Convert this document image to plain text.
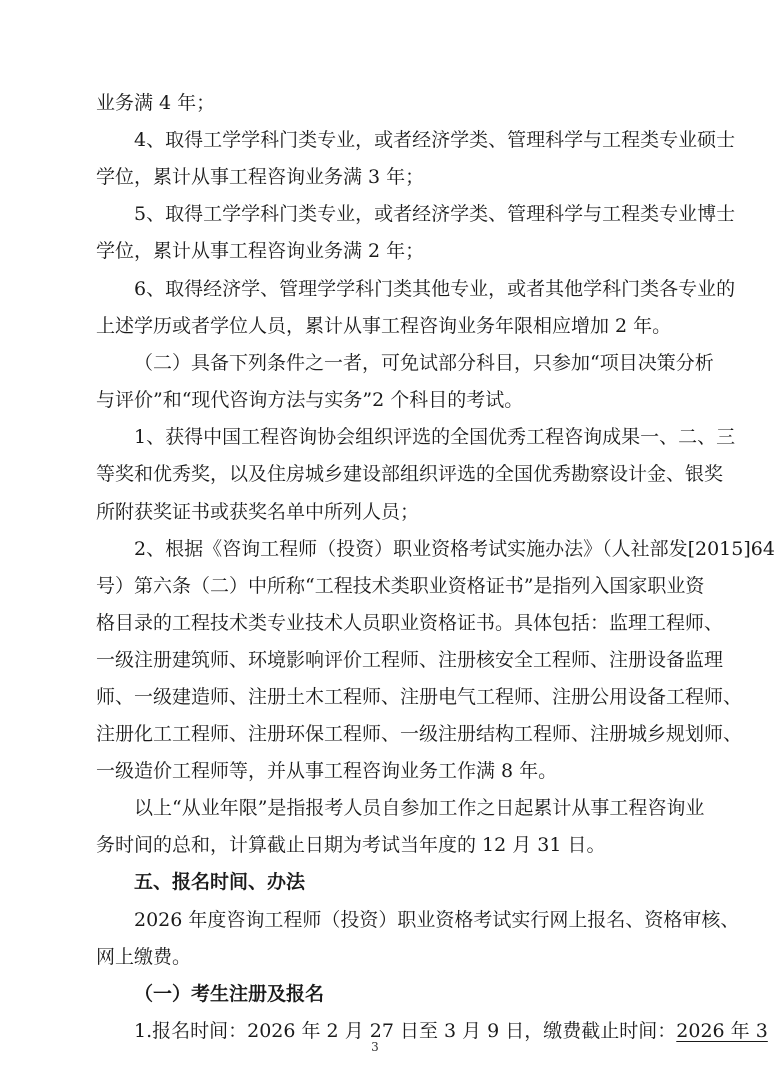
业务满 4 年；
4、取得工学学科门类专业，或者经济学类、管理科学与工程类专业硕士
学位，累计从事工程咨询业务满 3 年；
5、取得工学学科门类专业，或者经济学类、管理科学与工程类专业博士
学位，累计从事工程咨询业务满 2 年；
6、取得经济学、管理学学科门类其他专业，或者其他学科门类各专业的
上述学历或者学位人员，累计从事工程咨询业务年限相应增加 2 年。
（二）具备下列条件之一者，可免试部分科目，只参加“项目决策分析
与评价”和“现代咨询方法与实务”2 个科目的考试。
1、获得中国工程咨询协会组织评选的全国优秀工程咨询成果一、二、三
等奖和优秀奖，以及住房城乡建设部组织评选的全国优秀勘察设计金、银奖
所附获奖证书或获奖名单中所列人员；
2、根据《咨询工程师（投资）职业资格考试实施办法》（人社部发[2015]64
号）第六条（二）中所称“工程技术类职业资格证书”是指列入国家职业资
格目录的工程技术类专业技术人员职业资格证书。具体包括：监理工程师、
一级注册建筑师、环境影响评价工程师、注册核安全工程师、注册设备监理
师、一级建造师、注册土木工程师、注册电气工程师、注册公用设备工程师、
注册化工工程师、注册环保工程师、一级注册结构工程师、注册城乡规划师、
一级造价工程师等，并从事工程咨询业务工作满 8 年。
以上“从业年限”是指报考人员自参加工作之日起累计从事工程咨询业
务时间的总和，计算截止日期为考试当年度的 12 月 31 日。
五、报名时间、办法
2026 年度咨询工程师（投资）职业资格考试实行网上报名、资格审核、
网上缴费。
（一）考生注册及报名
1.报名时间：2026 年 2 月 27 日至 3 月 9 日，缴费截止时间：2026 年 3
3
